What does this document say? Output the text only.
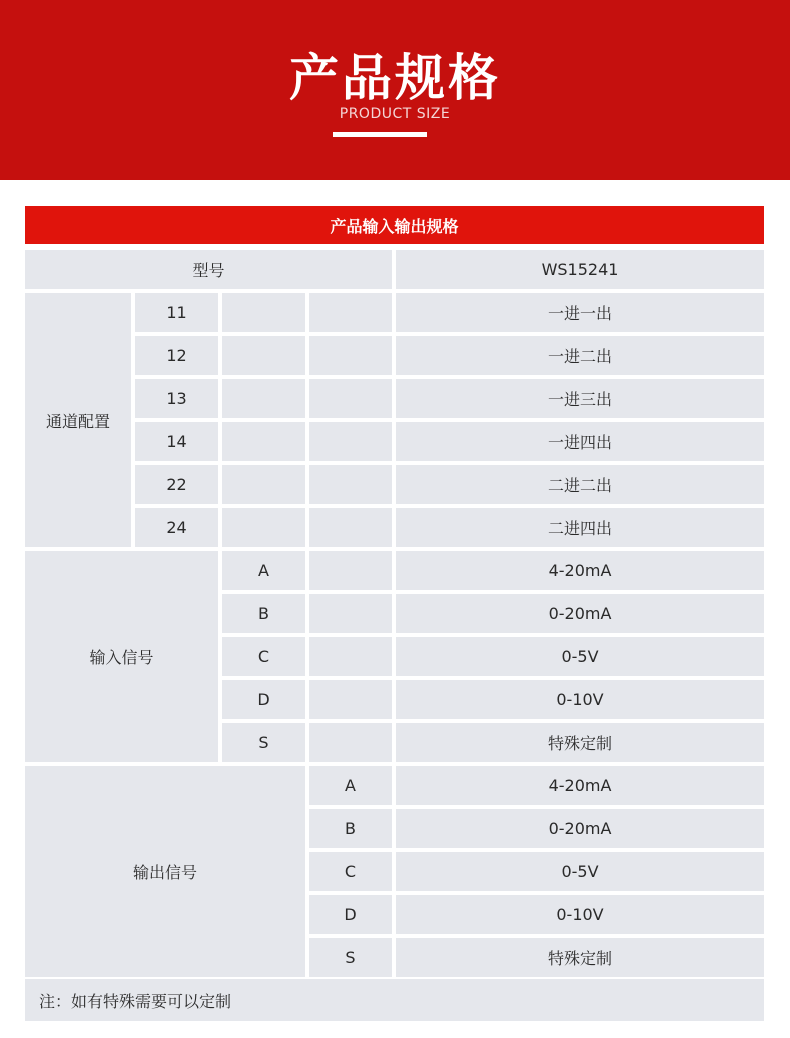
产品规格
PRODUCT SIZE
产品输入输出规格
型号	WS15241
通道配置
11	一进一出
12	一进二出
13	一进三出
14	一进四出
22	二进二出
24	二进四出
输入信号
A	4-20mA
B	0-20mA
C	0-5V
D	0-10V
S	特殊定制
输出信号
A	4-20mA
B	0-20mA
C	0-5V
D	0-10V
S	特殊定制
注：如有特殊需要可以定制
